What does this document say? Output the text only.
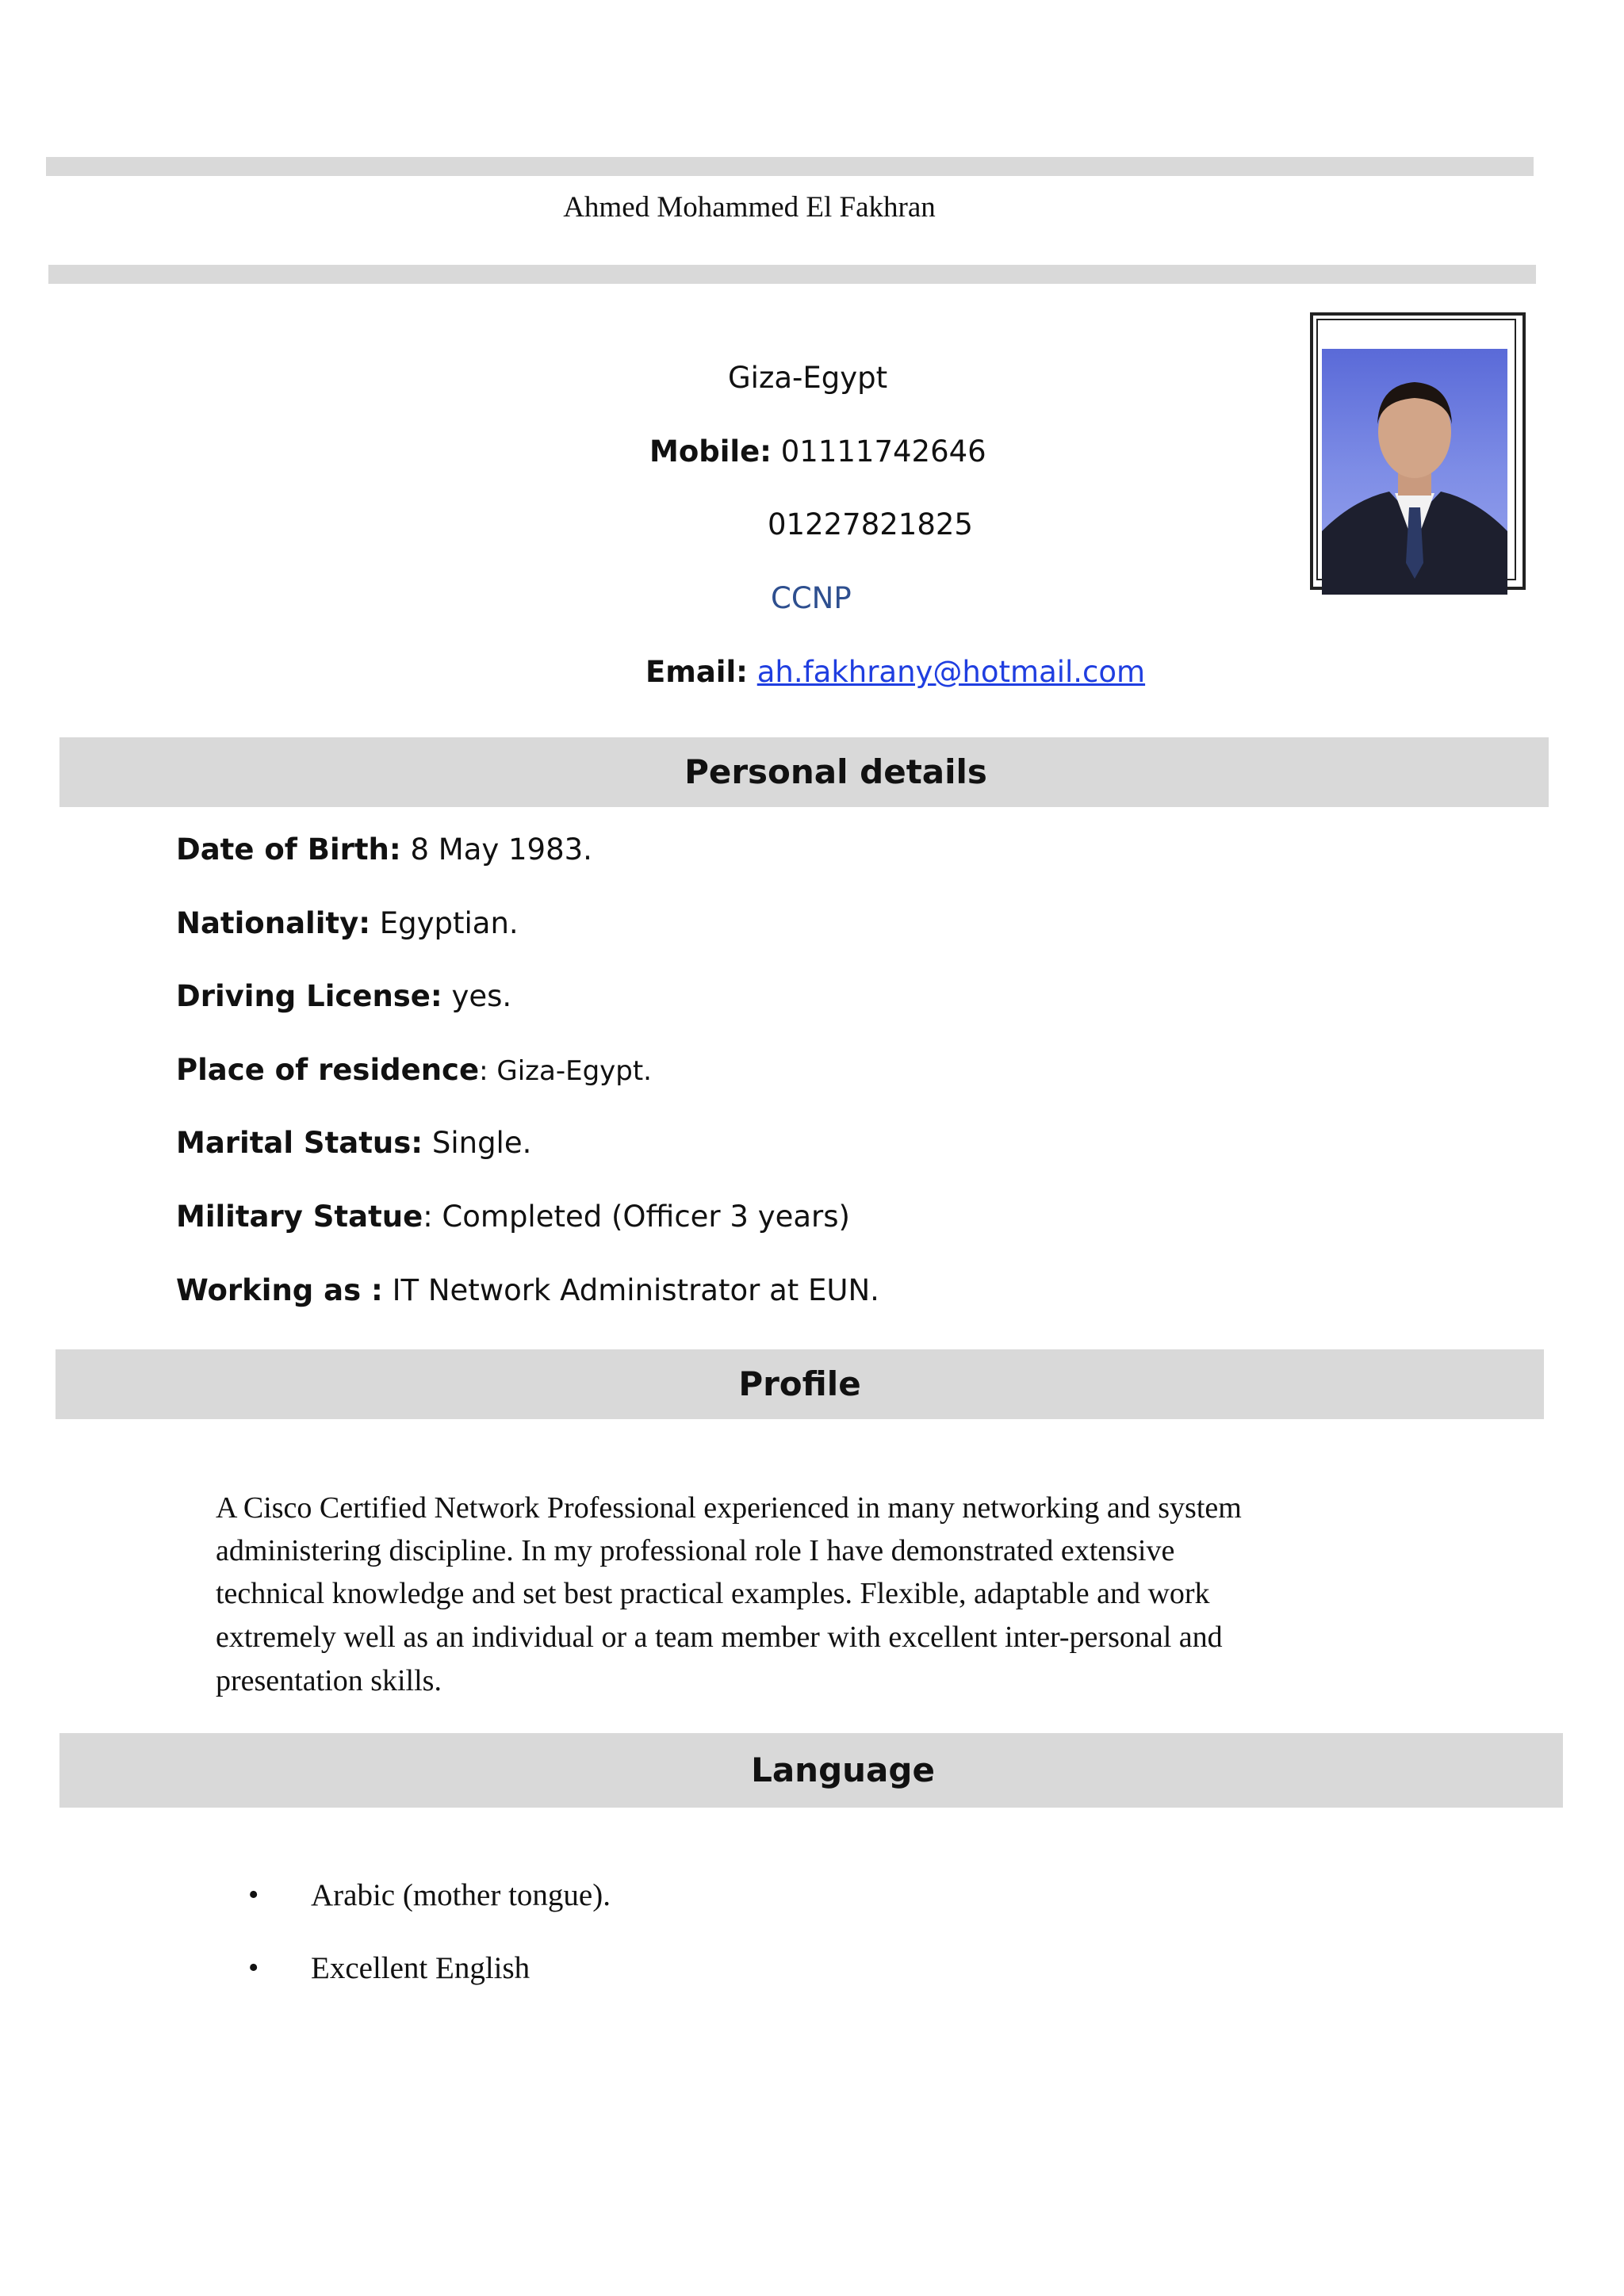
Ahmed Mohammed El Fakhran
Giza-Egypt
Mobile: 01111742646
01227821825
CCNP
Email: ah.fakhrany@hotmail.com
Personal details
Date of Birth: 8 May 1983.
Nationality: Egyptian.
Driving License: yes.
Place of residence: Giza-Egypt.
Marital Status: Single.
Military Statue: Completed (Officer 3 years)
Working as : IT Network Administrator at EUN.
Profile
A Cisco Certified Network Professional experienced in many networking and system
administering discipline. In my professional role I have demonstrated extensive
technical knowledge and set best practical examples. Flexible, adaptable and work
extremely well as an individual or a team member with excellent inter-personal and
presentation skills.
Language
• Arabic (mother tongue).
• Excellent English
